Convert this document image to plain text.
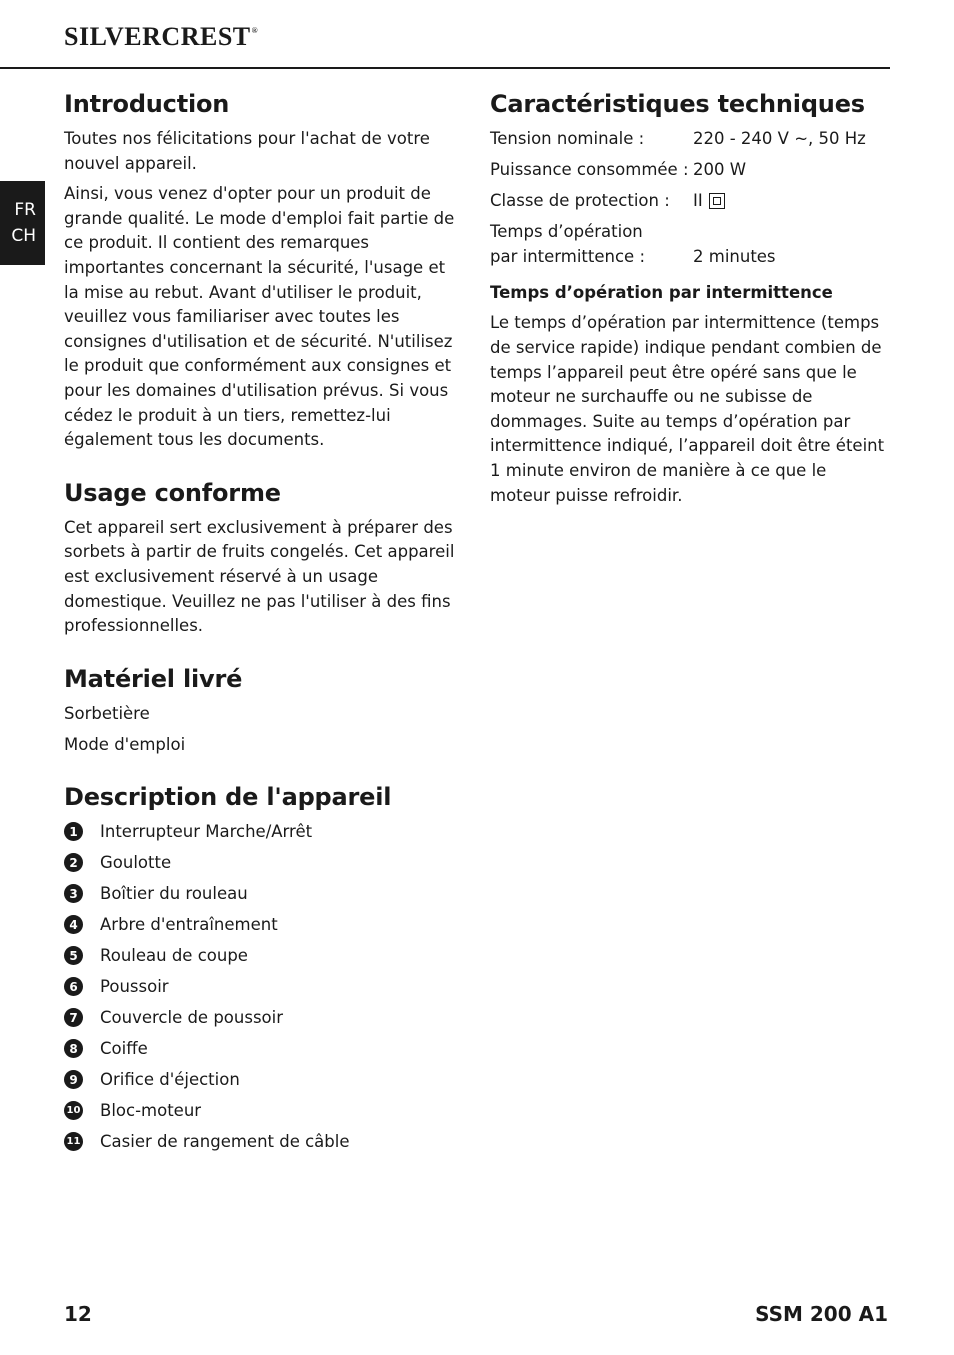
SILVERCREST®
FR
CH
Introduction

Toutes nos félicitations pour l'achat de votre nouvel appareil.

Ainsi, vous venez d'opter pour un produit de grande qualité. Le mode d'emploi fait partie de ce produit. Il contient des remarques importantes concernant la sécurité, l'usage et la mise au rebut. Avant d'utiliser le produit, veuillez vous familiariser avec toutes les consignes d'utilisation et de sécurité. N'utilisez le produit que conformément aux consignes et pour les domaines d'utilisation prévus. Si vous cédez le produit à un tiers, remettez-lui également tous les documents.

Usage conforme

Cet appareil sert exclusivement à préparer des sorbets à partir de fruits congelés. Cet appareil est exclusivement réservé à un usage domestique. Veuillez ne pas l'utiliser à des fins professionnelles.

Matériel livré
Sorbetière
Mode d'emploi
Description de l'appareil
1	Interrupteur Marche/Arrêt
2	Goulotte
3	Boîtier du rouleau
4	Arbre d'entraînement
5	Rouleau de coupe
6	Poussoir
7	Couvercle de poussoir
8	Coiffe
9	Orifice d'éjection
10 Bloc-moteur
11 Casier de rangement de câble
Caractéristiques techniques
Tension nominale :	220 - 240 V ~, 50 Hz
Puissance consommée : 200 W
Classe de protection :	II
Temps d’opération
par intermittence :	2 minutes
Temps d’opération par intermittence

Le temps d’opération par intermittence (temps de service rapide) indique pendant combien de temps l’appareil peut être opéré sans que le moteur ne surchauffe ou ne subisse de dommages. Suite au temps d’opération par intermittence indiqué, l’appareil doit être éteint 1 minute environ de manière à ce que le moteur puisse refroidir.

12	SSM 200 A1
